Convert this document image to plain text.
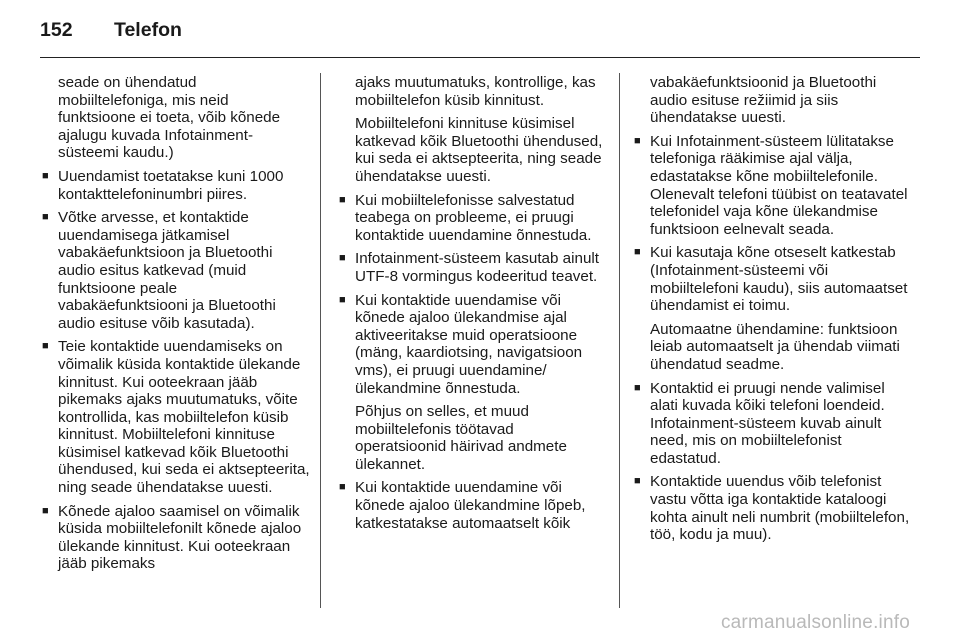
152 Telefon

seade on ühendatud mobiiltelefoniga, mis neid funktsioone ei toeta, võib kõnede ajalugu kuvada Infotainment-süsteemi kaudu.)

■ Uuendamist toetatakse kuni 1000 kontakttelefoninumbri piires.
■ Võtke arvesse, et kontaktide uuendamisega jätkamisel vabakäefunktsioon ja Bluetoothi audio esitus katkevad (muid funktsioone peale vabakäefunktsiooni ja Bluetoothi audio esituse võib kasutada).
■ Teie kontaktide uuendamiseks on võimalik küsida kontaktide ülekande kinnitust. Kui ooteekraan jääb pikemaks ajaks muutumatuks, võite kontrollida, kas mobiiltelefon küsib kinnitust. Mobiiltelefoni kinnituse küsimisel katkevad kõik Bluetoothi ühendused, kui seda ei aktsepteerita, ning seade ühendatakse uuesti.
■ Kõnede ajaloo saamisel on võimalik küsida mobiiltelefonilt kõnede ajaloo ülekande kinnitust. Kui ooteekraan jääb pikemaks

ajaks muutumatuks, kontrollige, kas mobiiltelefon küsib kinnitust.

Mobiiltelefoni kinnituse küsimisel katkevad kõik Bluetoothi ühendused, kui seda ei aktsepteerita, ning seade ühendatakse uuesti.

■ Kui mobiiltelefonisse salvestatud teabega on probleeme, ei pruugi kontaktide uuendamine õnnestuda.
■ Infotainment-süsteem kasutab ainult UTF-8 vormingus kodeeritud teavet.
■ Kui kontaktide uuendamise või kõnede ajaloo ülekandmise ajal aktiveeritakse muid operatsioone (mäng, kaardiotsing, navigatsioon vms), ei pruugi uuendamine/ ülekandmine õnnestuda.

Põhjus on selles, et muud mobiiltelefonis töötavad operatsioonid häirivad andmete ülekannet.

■ Kui kontaktide uuendamine või kõnede ajaloo ülekandmine lõpeb, katkestatakse automaatselt kõik

vabakäefunktsioonid ja Bluetoothi audio esituse režiimid ja siis ühendatakse uuesti.

■ Kui Infotainment-süsteem lülitatakse telefoniga rääkimise ajal välja, edastatakse kõne mobiiltelefonile. Olenevalt telefoni tüübist on teatavatel telefonidel vaja kõne ülekandmise funktsioon eelnevalt seada.
■ Kui kasutaja kõne otseselt katkestab (Infotainment-süsteemi või mobiiltelefoni kaudu), siis automaatset ühendamist ei toimu.

Automaatne ühendamine: funktsioon leiab automaatselt ja ühendab viimati ühendatud seadme.

■ Kontaktid ei pruugi nende valimisel alati kuvada kõiki telefoni loendeid. Infotainment-süsteem kuvab ainult need, mis on mobiiltelefonist edastatud.
■ Kontaktide uuendus võib telefonist vastu võtta iga kontaktide kataloogi kohta ainult neli numbrit (mobiiltelefon, töö, kodu ja muu).
carmanualsonline.info
